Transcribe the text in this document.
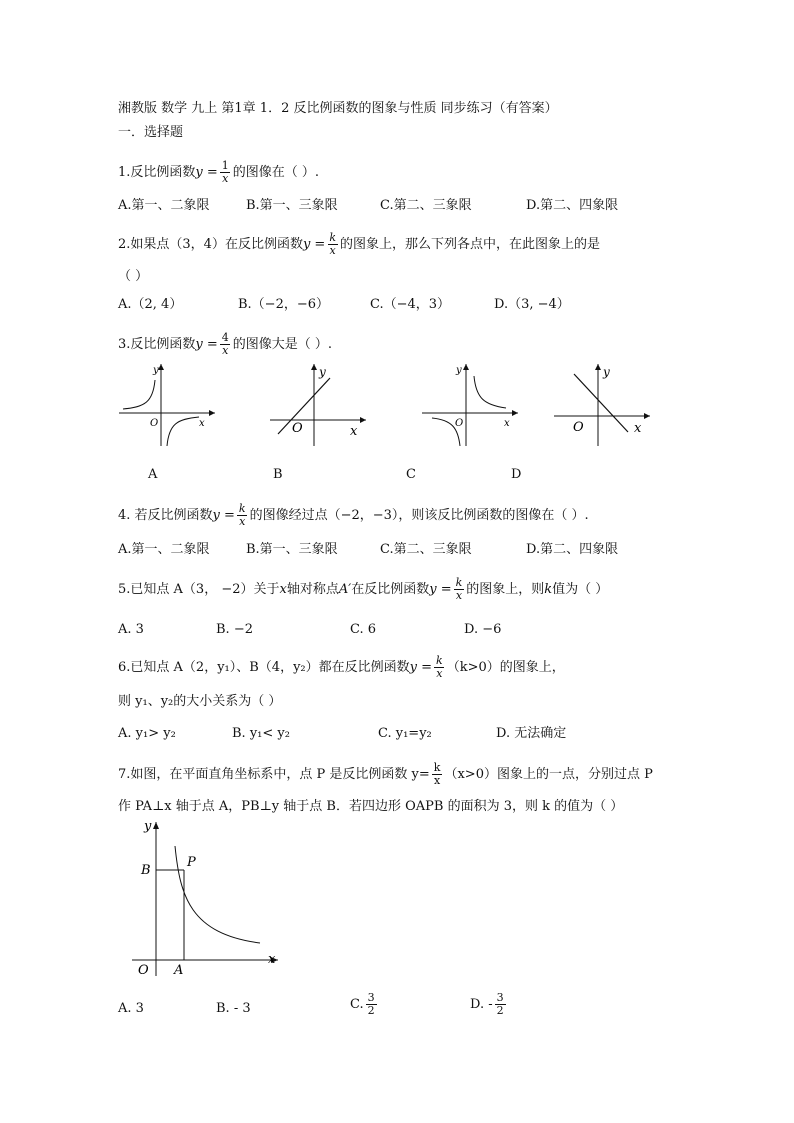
湘教版 数学 九上 第1章 1．2 反比例函数的图象与性质 同步练习（有答案）
一．选择题
1.反比例函数$y = \frac{1}{x}$ 的图像在（ ）.
A.第一、二象限	B.第一、三象限	C.第二、三象限	D.第二、四象限
2.如果点（3，4）在反比例函数$y = \frac{k}{x}$ 的图象上，那么下列各点中，在此图象上的是
（ ）
A.（2, 4）	B.（−2，−6）	C.（−4，3）	D.（3, −4）
3.反比例函数$y = \frac{4}{x}$ 的图像大是（ ）.
y
O	x
y
O	x
y
O	x
y
O	x
A	B	C	D
4. 若反比例函数$y = \frac{k}{x}$ 的图像经过点（−2，−3），则该反比例函数的图像在（ ）.
A.第一、二象限	B.第一、三象限	C.第二、三象限	D.第二、四象限
5.已知点 A（3， −2）关于x轴对称点A′在反比例函数$y = \frac{k}{x}$ 的图象上，则k值为（ ）
A. 3	B. −2	C. 6	D. −6
6.已知点 A（2，y₁）、B（4，y₂）都在反比例函数$y = \frac{k}{x} (k>0)$的图象上，
则 y₁、y₂的大小关系为（ ）
A. y₁> y₂	B. y₁< y₂	C. y₁=y₂	D. 无法确定
7.如图，在平面直角坐标系中，点 P 是反比例函数 $y= \frac{k}{x} (x>0)$图象上的一点，分别过点 P
作 PA⊥x 轴于点 A，PB⊥y 轴于点 B．若四边形 OAPB 的面积为 3，则 k 的值为（ ）
y
x
O A
B
P
A. 3	B. - 3	C. $\frac{3}{2}$	D. - $\frac{3}{2}$
